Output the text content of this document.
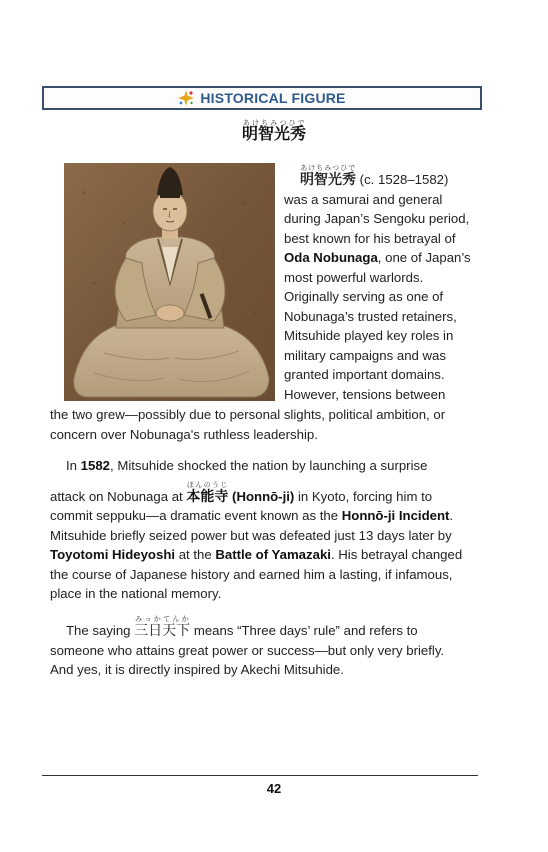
HISTORICAL FIGURE
明智光秀あけちみつひで
明智光秀あけちみつひで (c. 1528–1582)
was a samurai and general
during Japan’s Sengoku period,
best known for his betrayal of
Oda Nobunaga, one of Japan’s
most powerful warlords.
Originally serving as one of
Nobunaga’s trusted retainers,
Mitsuhide played key roles in
military campaigns and was
granted important domains.
However, tensions between
the two grew—possibly due to personal slights, political ambition, or
concern over Nobunaga's ruthless leadership.
In 1582, Mitsuhide shocked the nation by launching a surprise
attack on Nobunaga at 本能寺ほんのうじ (Honnō-ji) in Kyoto, forcing him to
commit seppuku—a dramatic event known as the Honnō-ji Incident.
Mitsuhide briefly seized power but was defeated just 13 days later by
Toyotomi Hideyoshi at the Battle of Yamazaki. His betrayal changed
the course of Japanese history and earned him a lasting, if infamous,
place in the national memory.
The saying 三日天下みっかてんか means “Three days’ rule” and refers to
someone who attains great power or success—but only very briefly.
And yes, it is directly inspired by Akechi Mitsuhide.
42
